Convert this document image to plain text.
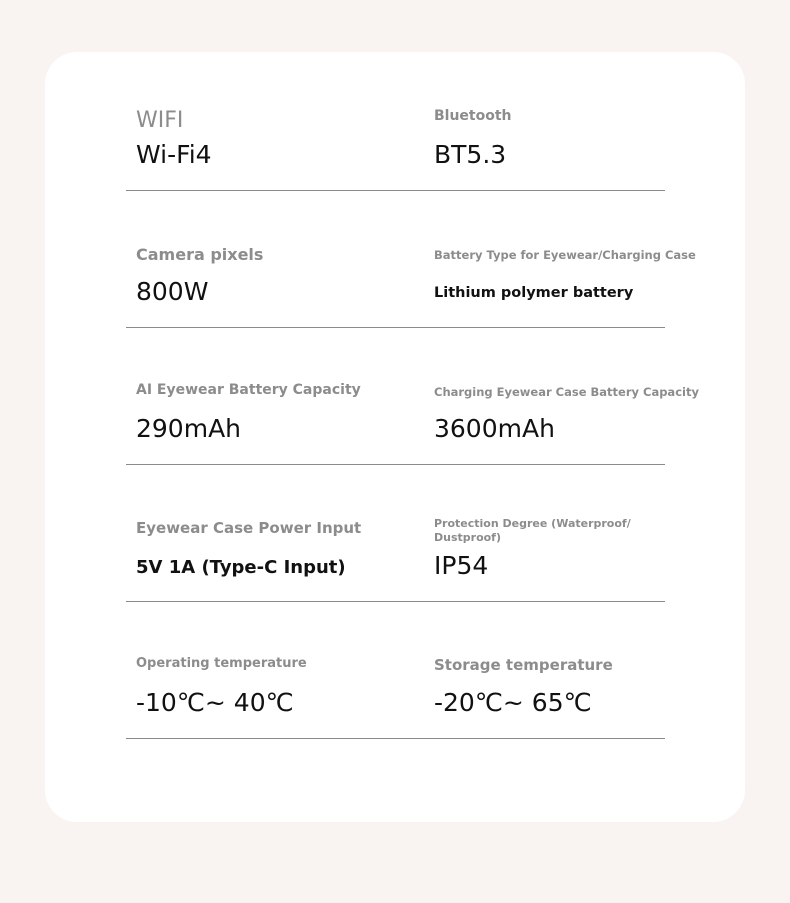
WIFI
Wi-Fi4
Bluetooth
BT5.3
Camera pixels
800W
Battery Type for Eyewear/Charging Case
Lithium polymer battery
AI Eyewear Battery Capacity
290mAh
Charging Eyewear Case Battery Capacity
3600mAh
Eyewear Case Power Input
5V 1A (Type-C Input)
Protection Degree (Waterproof/ Dustproof)
IP54
Operating temperature
-10℃~ 40℃
Storage temperature
-20℃~ 65℃
